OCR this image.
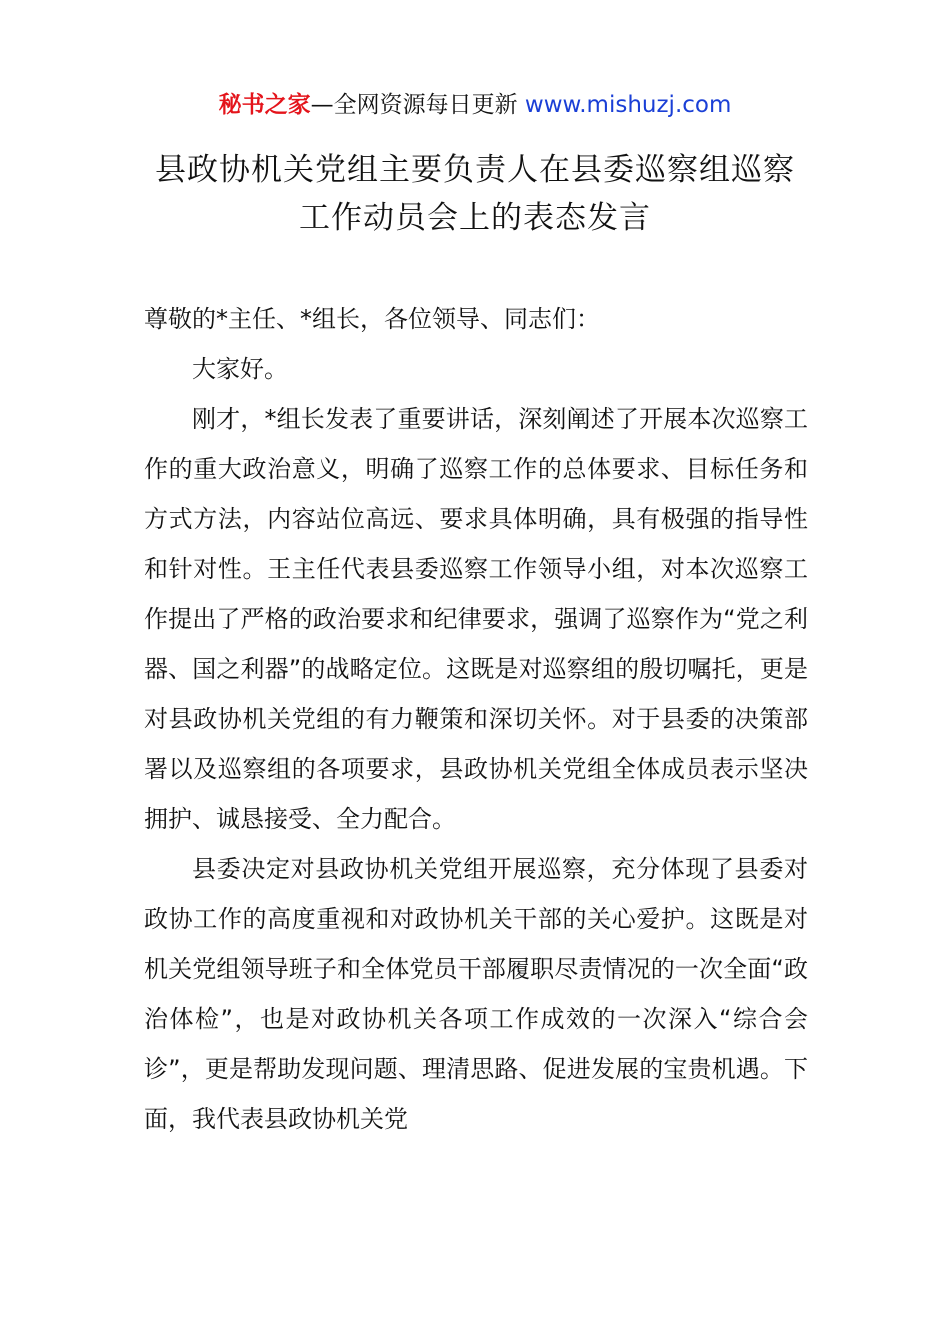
秘书之家—全网资源每日更新 www.mishuzj.com
县政协机关党组主要负责人在县委巡察组巡察
工作动员会上的表态发言

尊敬的*主任、*组长，各位领导、同志们：

大家好。

刚才，*组长发表了重要讲话，深刻阐述了开展本次巡察工作的重大政治意义，明确了巡察工作的总体要求、目标任务和方式方法，内容站位高远、要求具体明确，具有极强的指导性和针对性。王主任代表县委巡察工作领导小组，对本次巡察工作提出了严格的政治要求和纪律要求，强调了巡察作为“党之利器、国之利器”的战略定位。这既是对巡察组的殷切嘱托，更是对县政协机关党组的有力鞭策和深切关怀。对于县委的决策部署以及巡察组的各项要求，县政协机关党组全体成员表示坚决拥护、诚恳接受、全力配合。

县委决定对县政协机关党组开展巡察，充分体现了县委对政协工作的高度重视和对政协机关干部的关心爱护。这既是对机关党组领导班子和全体党员干部履职尽责情况的一次全面“政治体检”，也是对政协机关各项工作成效的一次深入“综合会诊”，更是帮助发现问题、理清思路、促进发展的宝贵机遇。下面，我代表县政协机关党
